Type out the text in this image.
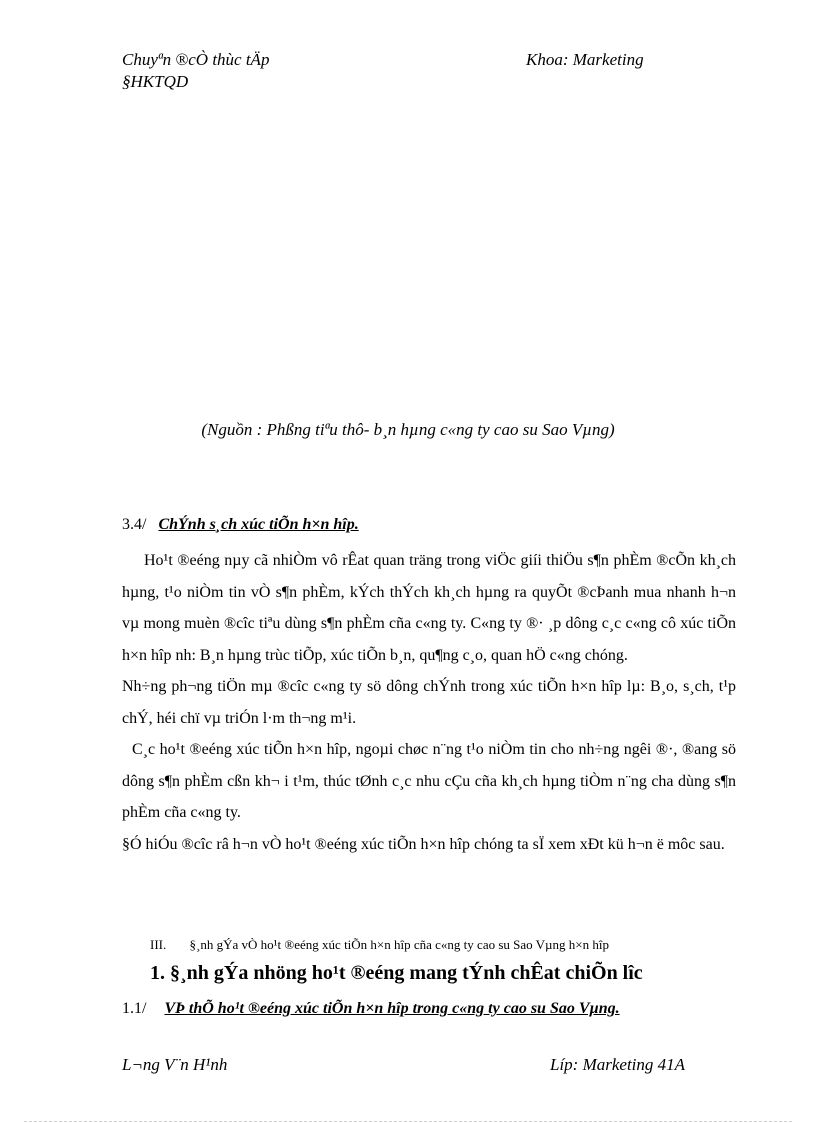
Chuyªn ®cÒ thùc tÄp
§HKTQD
Khoa: Marketing
(Nguồn : Phßng tiªu thô- b¸n hµng c«ng ty cao su Sao Vµng)
3.4/ ChÝnh s¸ch xúc tiÕn h×n hîp.
Ho¹t ®eéng nµy cã nhiÒm vô rÊat quan träng trong viÖc giíi thiÖu s¶n phÈm ®cÕn kh¸ch hµng, t¹o niÒm tin vÒ s¶n phÈm, kÝch thÝch kh¸ch hµng ra quyÕt ®cÞanh mua nhanh h¬n vµ mong muèn ®cîc tiªu dùng s¶n phÈm cña c«ng ty. C«ng ty ®· ¸p dông c¸c c«ng cô xúc tiÕn h×n hîp nh: B¸n hµng trùc tiÕp, xúc tiÕn b¸n, qu¶ng c¸o, quan hÖ c«ng chóng.
Nh÷ng ph¬ng tiÖn mµ ®cîc c«ng ty sö dông chÝnh trong xúc tiÕn h×n hîp lµ: B¸o, s¸ch, t¹p chÝ, héi chï vµ triÓn l·m th¬ng m¹i.
C¸c ho¹t ®eéng xúc tiÕn h×n hîp, ngoµi chøc n¨ng t¹o niÒm tin cho nh÷ng ngêi ®·, ®ang sö dông s¶n phÈm cßn kh¬ i t¹m, thúc tØnh c¸c nhu cÇu cña kh¸ch hµng tiÒm n¨ng cha dùng s¶n phÈm cña c«ng ty.
§Ó hiÓu ®cîc râ h¬n vÒ ho¹t ®eéng xúc tiÕn h×n hîp chóng ta sÏ xem xÐt kü h¬n ë môc sau.
III. §¸nh gÝa vÒ ho¹t ®eéng xúc tiÕn h×n hîp cña c«ng ty cao su Sao Vµng h×n hîp
1. §¸nh gÝa nhöng ho¹t ®eéng mang tÝnh chÊat chiÕn lîc
1.1/ VÞ thÕ ho¹t ®eéng xúc tiÕn h×n hîp trong c«ng ty cao su Sao Vµng.
L¬ng V¨n H¹nh	Líp: Marketing 41A
